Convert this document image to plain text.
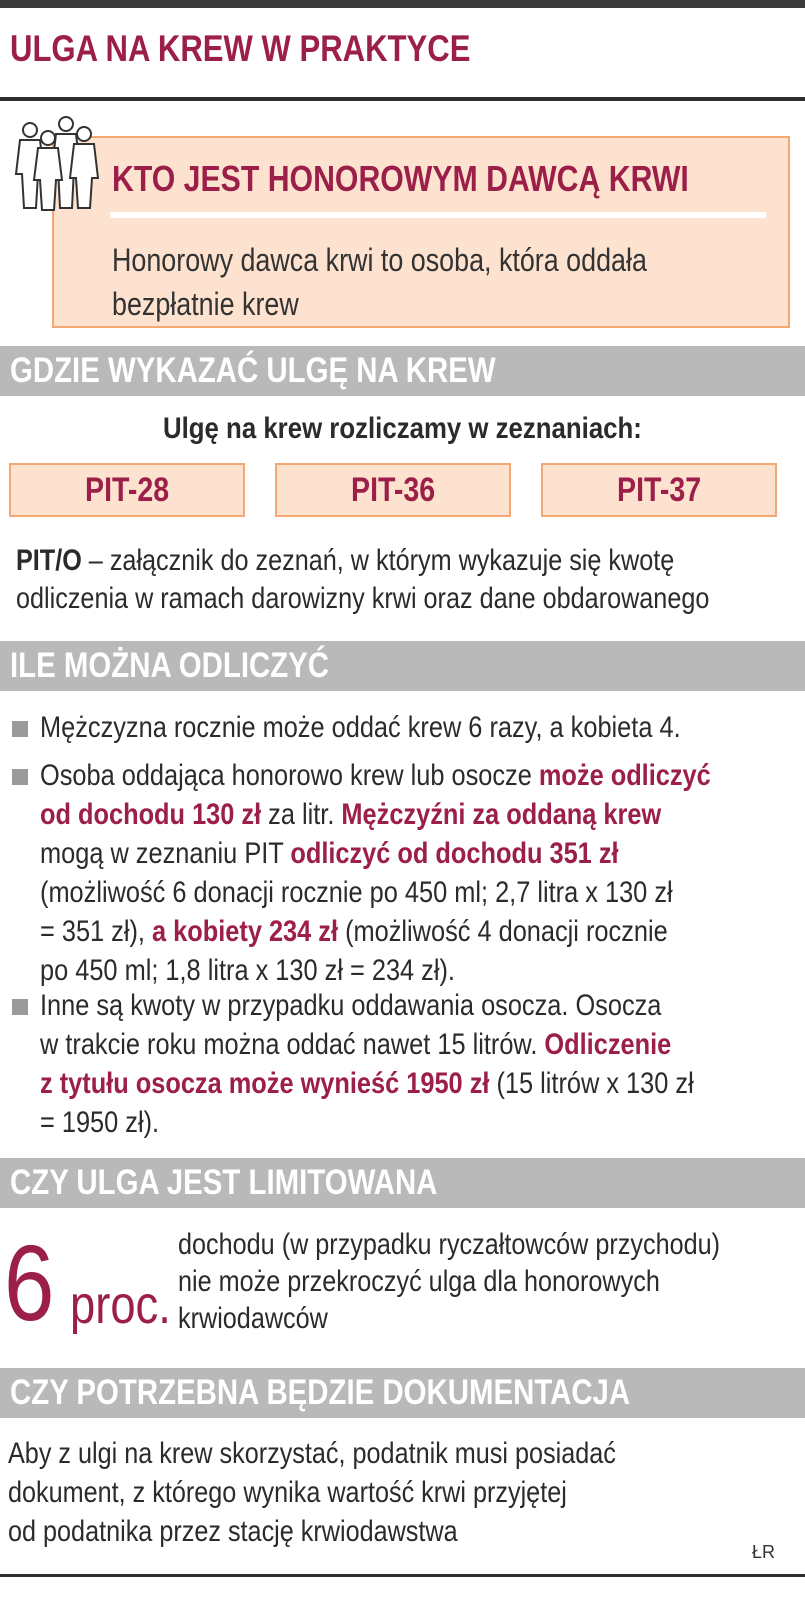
ULGA NA KREW W PRAKTYCE
KTO JEST HONOROWYM DAWCĄ KRWI
Honorowy dawca krwi to osoba, która oddała
bezpłatnie krew
GDZIE WYKAZAĆ ULGĘ NA KREW
Ulgę na krew rozliczamy w zeznaniach:
PIT-28	PIT-36	PIT-37
PIT/O – załącznik do zeznań, w którym wykazuje się kwotę
odliczenia w ramach darowizny krwi oraz dane obdarowanego
ILE MOŻNA ODLICZYĆ
Mężczyzna rocznie może oddać krew 6 razy, a kobieta 4.
Osoba oddająca honorowo krew lub osocze może odliczyć
od dochodu 130 zł za litr. Mężczyźni za oddaną krew
mogą w zeznaniu PIT odliczyć od dochodu 351 zł
(możliwość 6 donacji rocznie po 450 ml; 2,7 litra x 130 zł
= 351 zł), a kobiety 234 zł (możliwość 4 donacji rocznie
po 450 ml; 1,8 litra x 130 zł = 234 zł).
Inne są kwoty w przypadku oddawania osocza. Osocza
w trakcie roku można oddać nawet 15 litrów. Odliczenie
z tytułu osocza może wynieść 1950 zł (15 litrów x 130 zł
= 1950 zł).
CZY ULGA JEST LIMITOWANA
6 proc.
dochodu (w przypadku ryczałtowców przychodu)
nie może przekroczyć ulga dla honorowych
krwiodawców
CZY POTRZEBNA BĘDZIE DOKUMENTACJA
Aby z ulgi na krew skorzystać, podatnik musi posiadać
dokument, z którego wynika wartość krwi przyjętej
od podatnika przez stację krwiodawstwa
ŁR
